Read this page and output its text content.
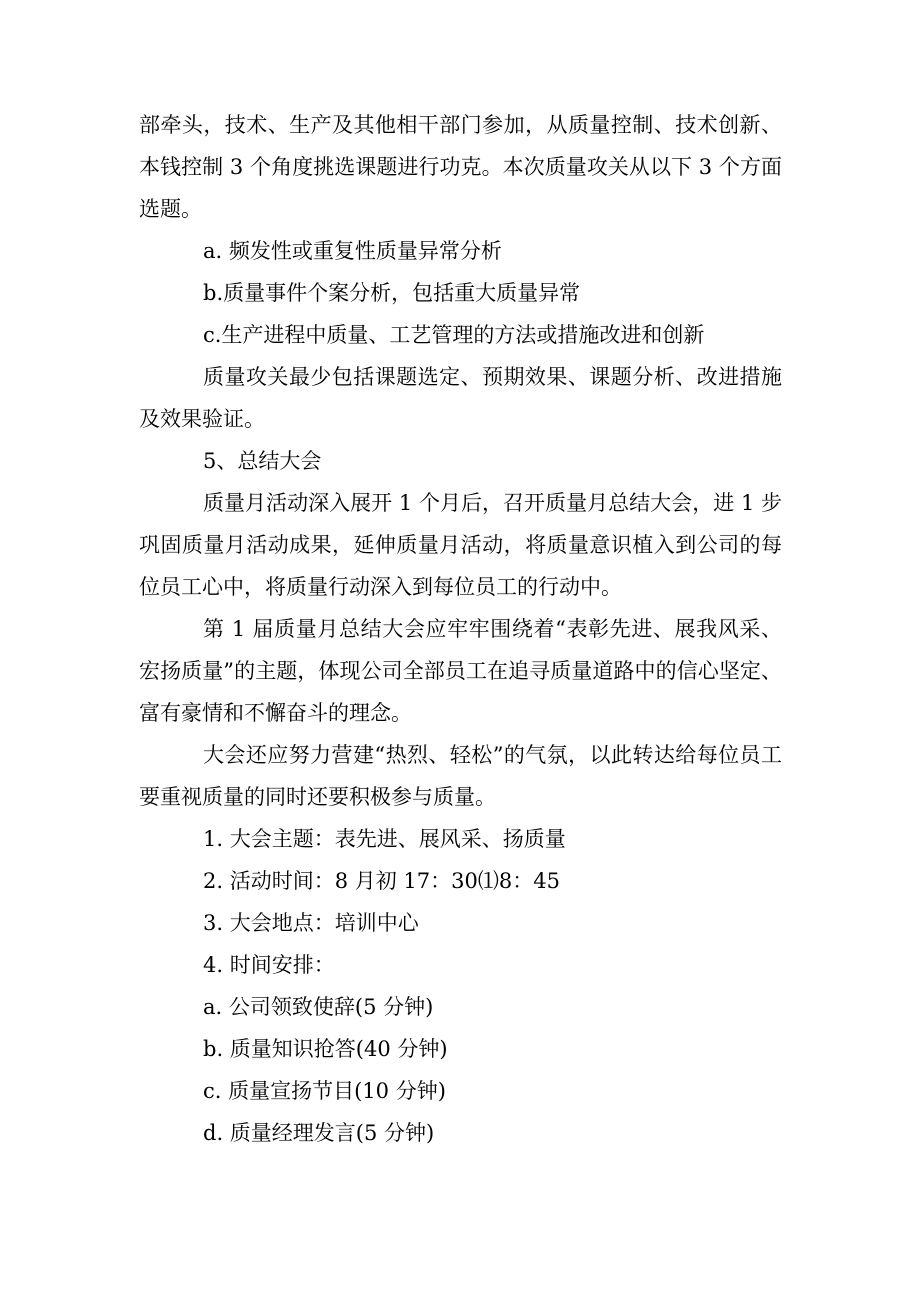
部牵头，技术、生产及其他相干部门参加，从质量控制、技术创新、本钱控制 3 个角度挑选课题进行功克。本次质量攻关从以下 3 个方面选题。

a. 频发性或重复性质量异常分析

b.质量事件个案分析，包括重大质量异常

c.生产进程中质量、工艺管理的方法或措施改进和创新

质量攻关最少包括课题选定、预期效果、课题分析、改进措施及效果验证。

5、总结大会

质量月活动深入展开 1 个月后，召开质量月总结大会，进 1 步巩固质量月活动成果，延伸质量月活动，将质量意识植入到公司的每位员工心中，将质量行动深入到每位员工的行动中。

第 1 届质量月总结大会应牢牢围绕着“表彰先进、展我风采、宏扬质量”的主题，体现公司全部员工在追寻质量道路中的信心坚定、富有豪情和不懈奋斗的理念。

大会还应努力营建“热烈、轻松”的气氛，以此转达给每位员工要重视质量的同时还要积极参与质量。

1. 大会主题：表先进、展风采、扬质量

2. 活动时间：8 月初 17：30⑴8：45

3. 大会地点：培训中心

4. 时间安排：

a. 公司领致使辞(5 分钟)

b. 质量知识抢答(40 分钟)

c. 质量宣扬节目(10 分钟)

d. 质量经理发言(5 分钟)
